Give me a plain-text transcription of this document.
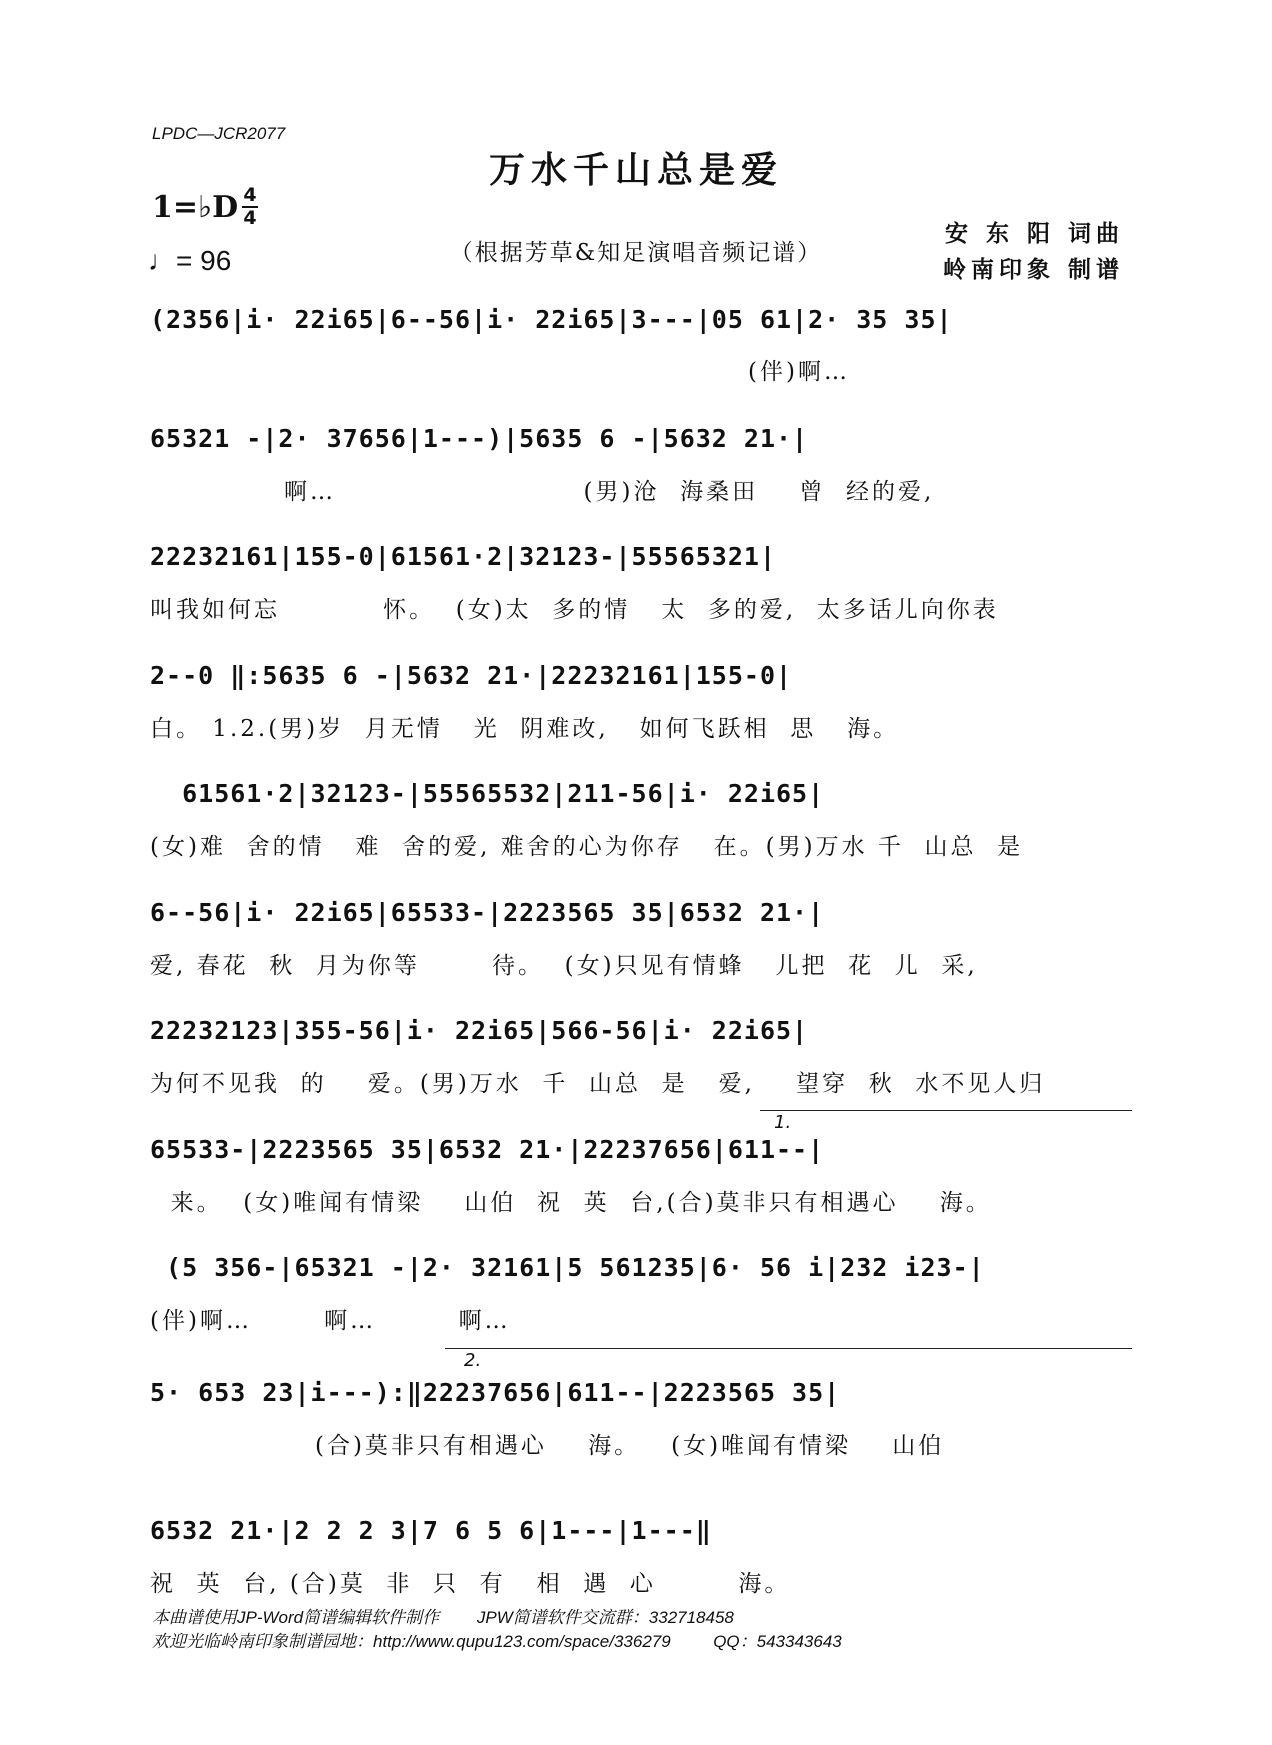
LPDC—JCR2077
万水千山总是爱
1=♭D 4
4
♩= 96	（根据芳草&知足演唱音频记谱）
安 东 阳 词曲
岭南印象 制谱
(2356|i· 22i65|6--56|i· 22i65|3---|05 61|2· 35 35|
(伴)啊…
65321 -|2· 37656|1---)|5635 6 -|5632 21·|
啊…                        (男)沧  海桑田    曾  经的爱,
22232161|155-0|61561·2|32123-|55565321|
叫我如何忘          怀。  (女)太  多的情   太  多的爱,  太多话儿向你表
2--0 ‖:5635 6 -|5632 21·|22232161|155-0|
白。 1.2.(男)岁  月无情   光  阴难改,   如何飞跃相  思   海。
61561·2|32123-|55565532|211-56|i· 22i65|
(女)难  舍的情   难  舍的爱, 难舍的心为你存   在。(男)万水 千  山总  是
6--56|i· 22i65|65533-|2223565 35|6532 21·|
爱, 春花  秋  月为你等       待。  (女)只见有情蜂   儿把  花  儿  采,
22232123|355-56|i· 22i65|566-56|i· 22i65|
为何不见我  的    爱。(男)万水  千  山总  是   爱,    望穿  秋  水不见人归
1.
65533-|2223565 35|6532 21·|22237656|611--|
来。  (女)唯闻有情梁    山伯  祝  英  台,(合)莫非只有相遇心    海。
(5 356-|65321 -|2· 32161|5 561235|6· 56 i|232 i23-|
(伴)啊…       啊…        啊…
2.
5· 653 23|i---):‖22237656|611--|2223565 35|
(合)莫非只有相遇心    海。   (女)唯闻有情梁    山伯
6532 21·|2 2 2 3|7 6 5 6|1---|1---‖
祝  英  台, (合)莫  非  只  有   相  遇  心        海。
本曲谱使用JP-Word简谱编辑软件制作        JPW简谱软件交流群：332718458
欢迎光临岭南印象制谱园地：http://www.qupu123.com/space/336279         QQ：543343643
